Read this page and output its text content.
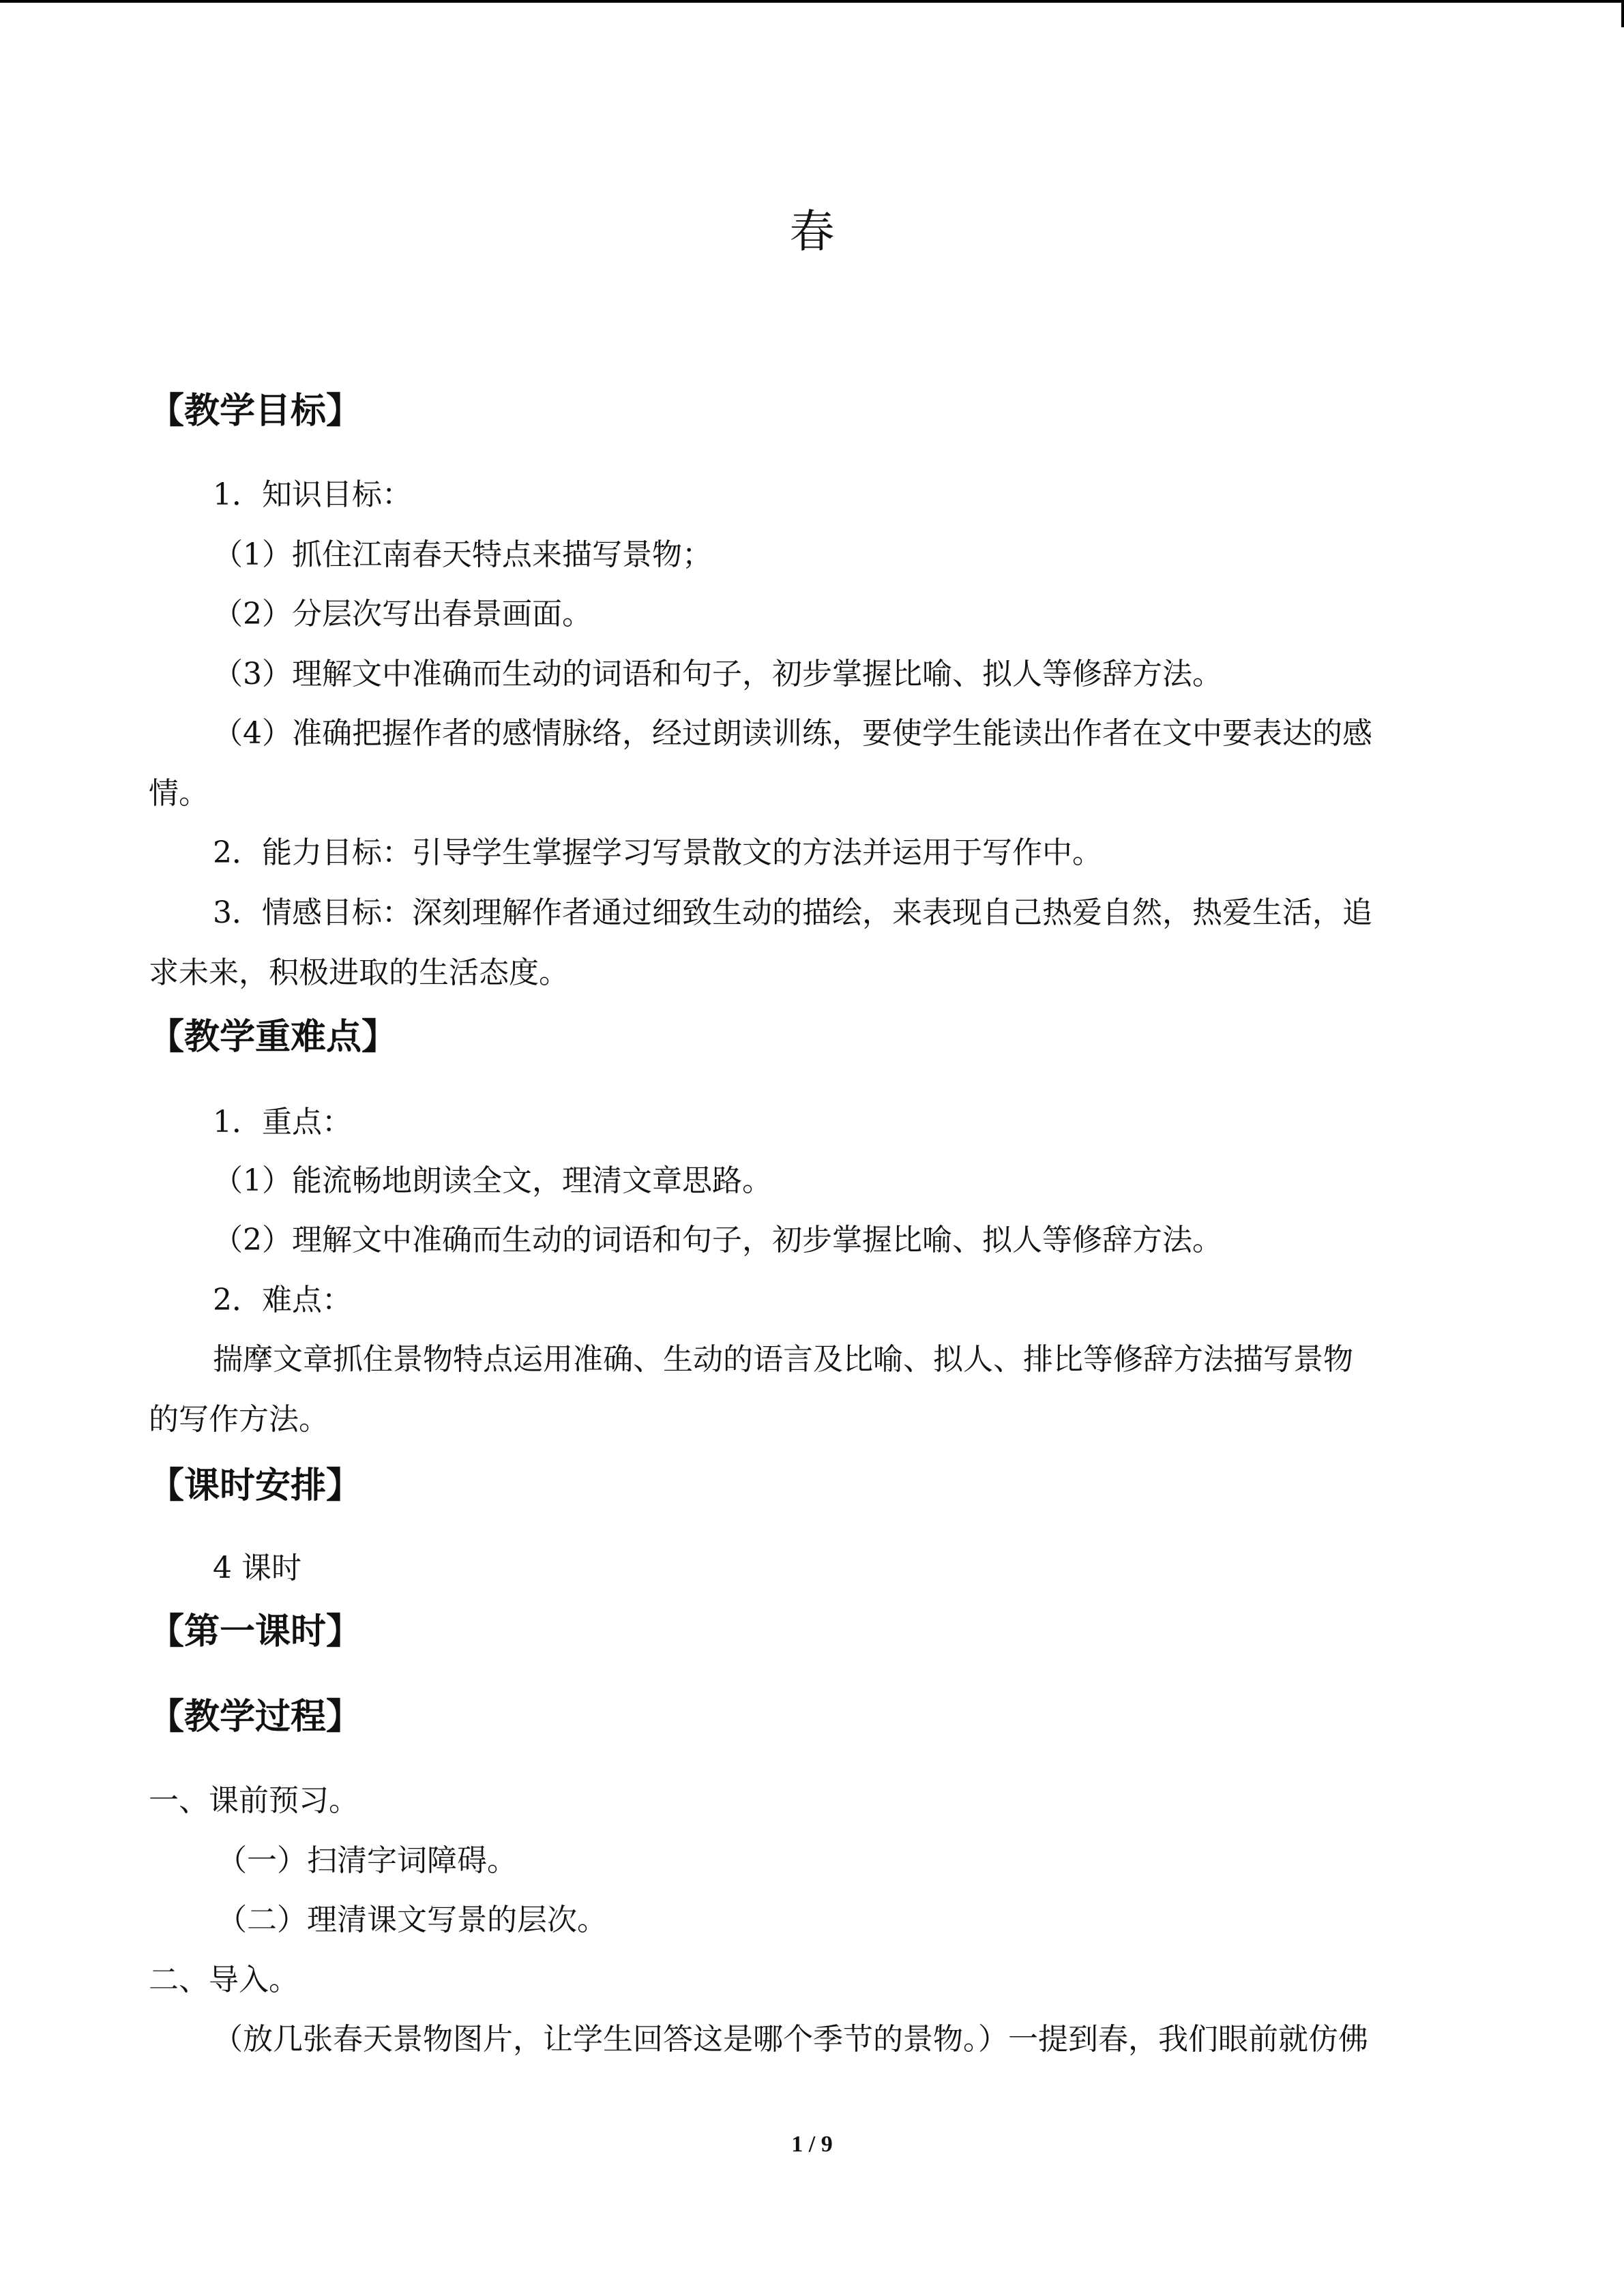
春
【教学目标】
1．知识目标：
（1）抓住江南春天特点来描写景物；
（2）分层次写出春景画面。
（3）理解文中准确而生动的词语和句子，初步掌握比喻、拟人等修辞方法。
（4）准确把握作者的感情脉络，经过朗读训练，要使学生能读出作者在文中要表达的感
情。
2．能力目标：引导学生掌握学习写景散文的方法并运用于写作中。
3．情感目标：深刻理解作者通过细致生动的描绘，来表现自己热爱自然，热爱生活，追
求未来，积极进取的生活态度。
【教学重难点】
1．重点：
（1）能流畅地朗读全文，理清文章思路。
（2）理解文中准确而生动的词语和句子，初步掌握比喻、拟人等修辞方法。
2．难点：
揣摩文章抓住景物特点运用准确、生动的语言及比喻、拟人、排比等修辞方法描写景物
的写作方法。
【课时安排】
4 课时
【第一课时】
【教学过程】
一、课前预习。
（一）扫清字词障碍。
（二）理清课文写景的层次。
二、导入。
（放几张春天景物图片，让学生回答这是哪个季节的景物。）一提到春，我们眼前就仿佛
1 / 9
